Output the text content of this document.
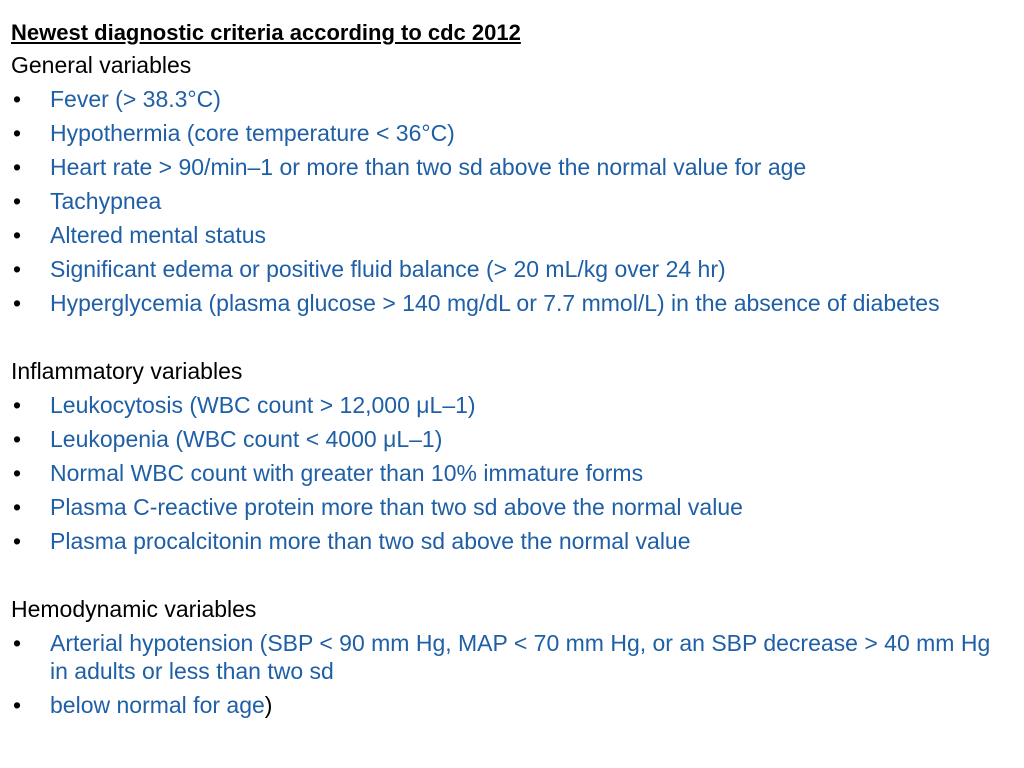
Newest diagnostic criteria according to cdc 2012
General variables
• Fever (> 38.3°C)
• Hypothermia (core temperature < 36°C)
• Heart rate > 90/min–1 or more than two sd above the normal value for age
• Tachypnea
• Altered mental status
• Significant edema or positive fluid balance (> 20 mL/kg over 24 hr)
• Hyperglycemia (plasma glucose > 140 mg/dL or 7.7 mmol/L) in the absence of diabetes
Inflammatory variables
• Leukocytosis (WBC count > 12,000 μL–1)
• Leukopenia (WBC count < 4000 μL–1)
• Normal WBC count with greater than 10% immature forms
• Plasma C-reactive protein more than two sd above the normal value
• Plasma procalcitonin more than two sd above the normal value
Hemodynamic variables
• Arterial hypotension (SBP < 90 mm Hg, MAP < 70 mm Hg, or an SBP decrease > 40 mm Hg in adults or less than two sd
• below normal for age)
